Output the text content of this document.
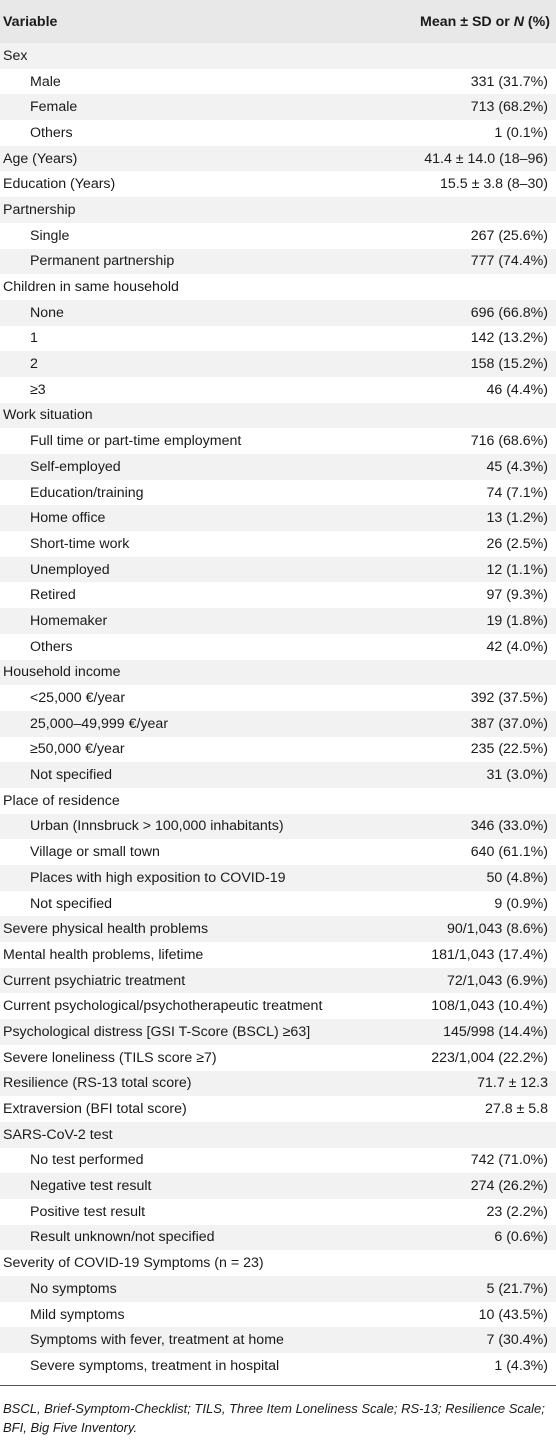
Variable	Mean ± SD or N (%)
Sex	
Male	331 (31.7%)
Female	713 (68.2%)
Others	1 (0.1%)
Age (Years)	41.4 ± 14.0 (18–96)
Education (Years)	15.5 ± 3.8 (8–30)
Partnership	
Single	267 (25.6%)
Permanent partnership	777 (74.4%)
Children in same household	
None	696 (66.8%)
1	142 (13.2%)
2	158 (15.2%)
≥3	46 (4.4%)
Work situation	
Full time or part-time employment	716 (68.6%)
Self-employed	45 (4.3%)
Education/training	74 (7.1%)
Home office	13 (1.2%)
Short-time work	26 (2.5%)
Unemployed	12 (1.1%)
Retired	97 (9.3%)
Homemaker	19 (1.8%)
Others	42 (4.0%)
Household income	
<25,000 €/year	392 (37.5%)
25,000–49,999 €/year	387 (37.0%)
≥50,000 €/year	235 (22.5%)
Not specified	31 (3.0%)
Place of residence	
Urban (Innsbruck > 100,000 inhabitants)	346 (33.0%)
Village or small town	640 (61.1%)
Places with high exposition to COVID-19	50 (4.8%)
Not specified	9 (0.9%)
Severe physical health problems	90/1,043 (8.6%)
Mental health problems, lifetime	181/1,043 (17.4%)
Current psychiatric treatment	72/1,043 (6.9%)
Current psychological/psychotherapeutic treatment	108/1,043 (10.4%)
Psychological distress [GSI T-Score (BSCL) ≥63]	145/998 (14.4%)
Severe loneliness (TILS score ≥7)	223/1,004 (22.2%)
Resilience (RS-13 total score)	71.7 ± 12.3
Extraversion (BFI total score)	27.8 ± 5.8
SARS-CoV-2 test	
No test performed	742 (71.0%)
Negative test result	274 (26.2%)
Positive test result	23 (2.2%)
Result unknown/not specified	6 (0.6%)
Severity of COVID-19 Symptoms (n = 23)	
No symptoms	5 (21.7%)
Mild symptoms	10 (43.5%)
Symptoms with fever, treatment at home	7 (30.4%)
Severe symptoms, treatment in hospital	1 (4.3%)
BSCL, Brief-Symptom-Checklist; TILS, Three Item Loneliness Scale; RS-13; Resilience Scale; BFI, Big Five Inventory.
